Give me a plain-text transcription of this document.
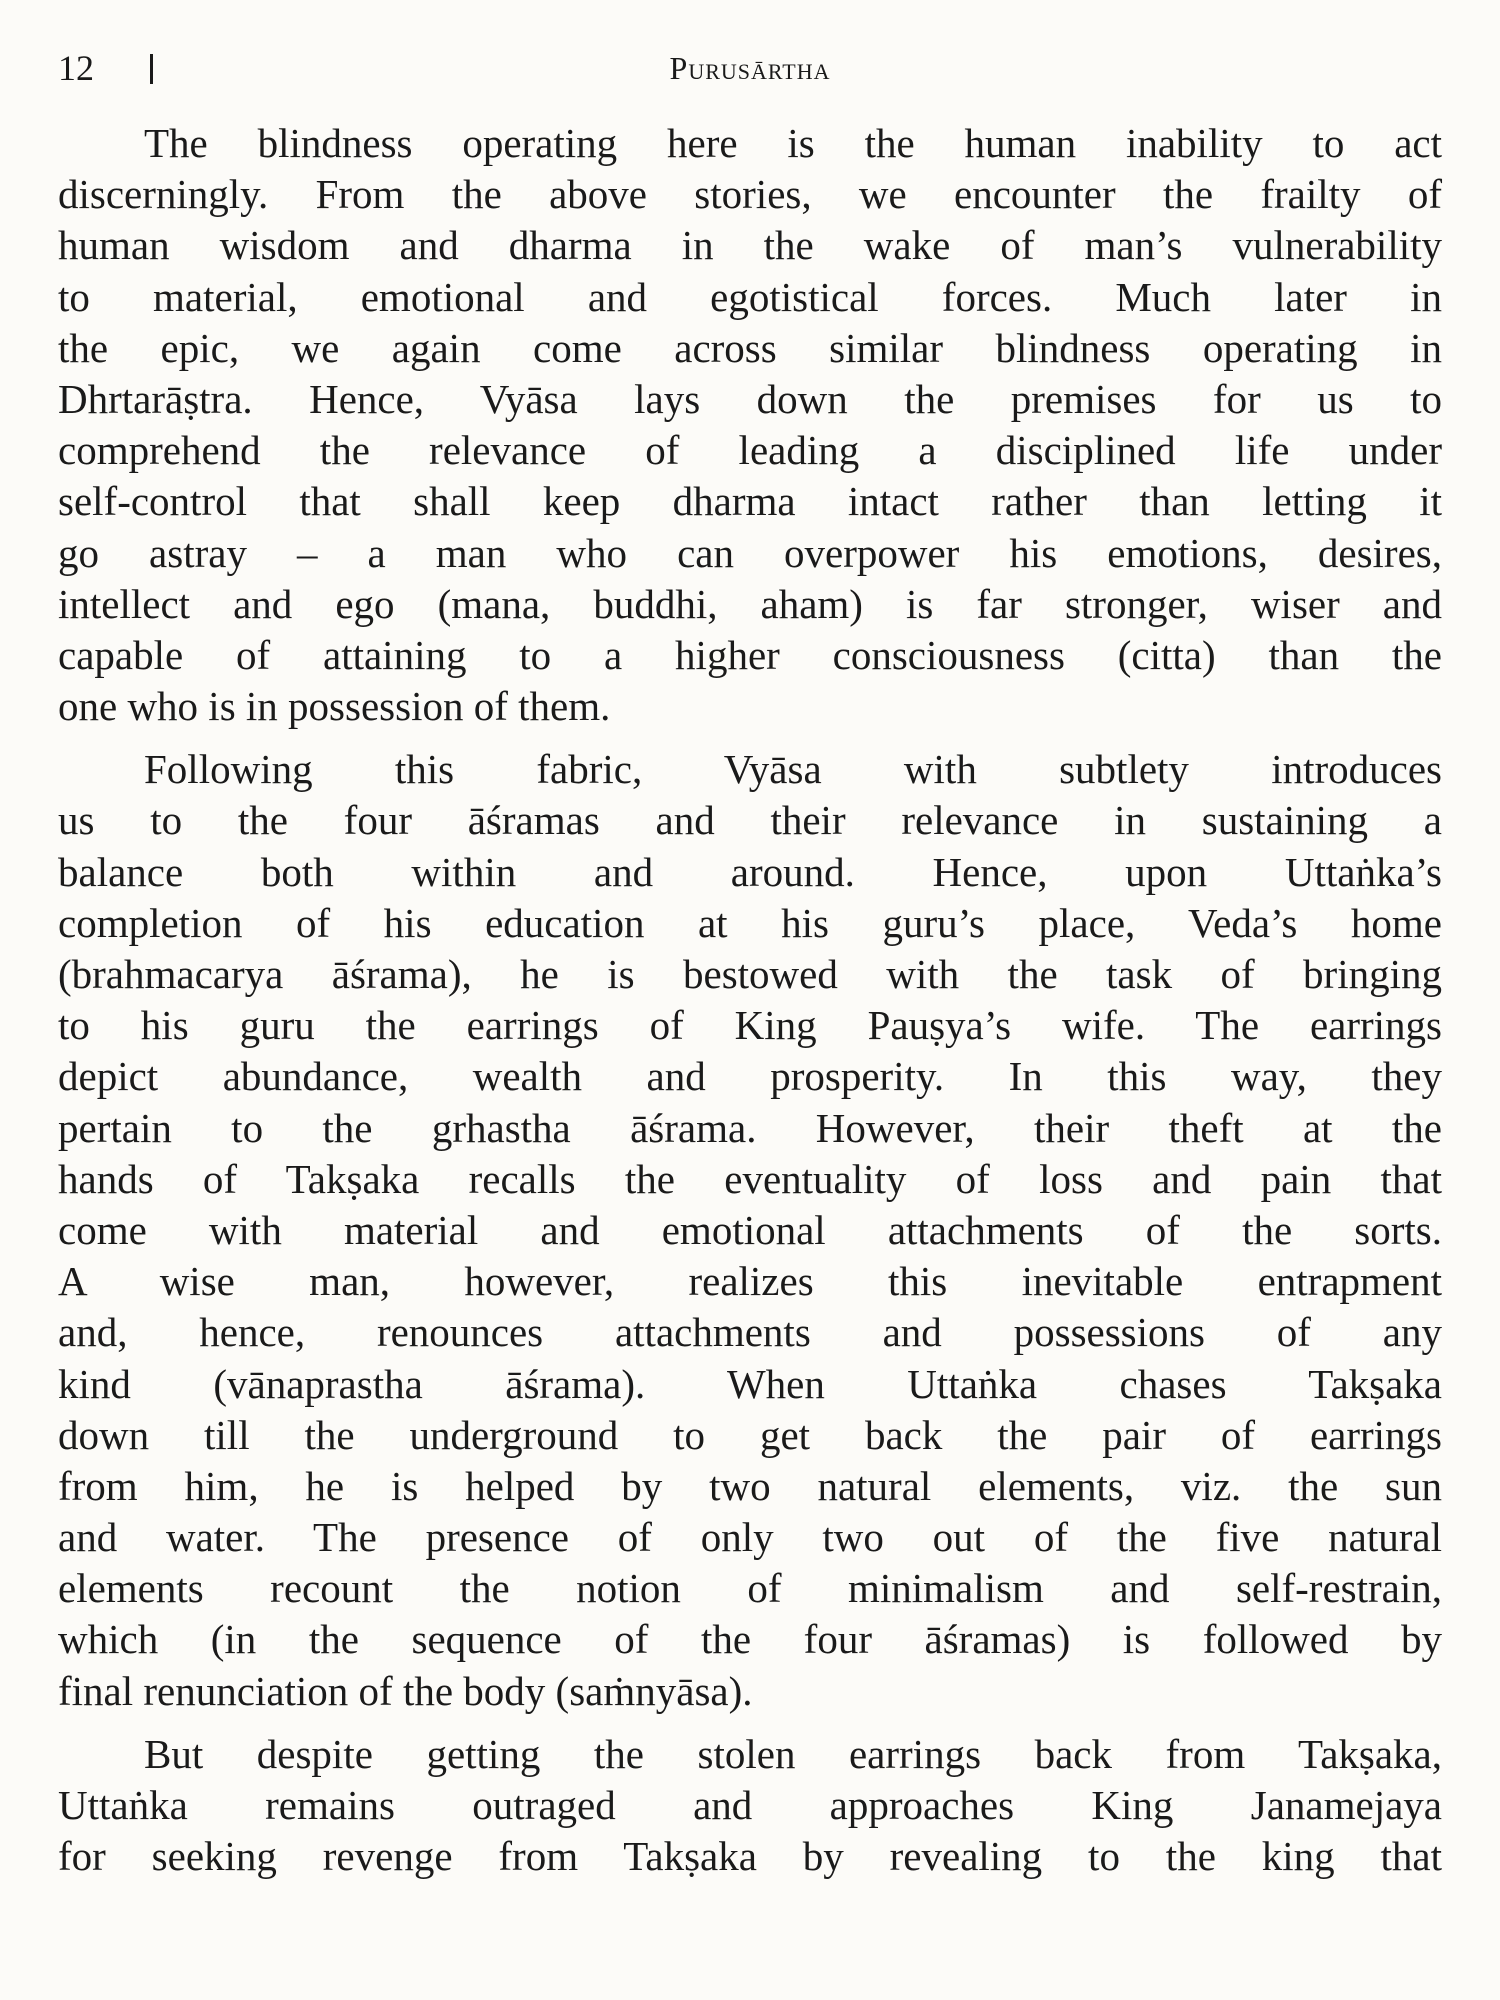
12	Purusārtha
The blindness operating here is the human inability to act
discerningly. From the above stories, we encounter the frailty of
human wisdom and dharma in the wake of man’s vulnerability
to material, emotional and egotistical forces. Much later in
the epic, we again come across similar blindness operating in
Dhrtarāṣtra. Hence, Vyāsa lays down the premises for us to
comprehend the relevance of leading a disciplined life under
self-control that shall keep dharma intact rather than letting it
go astray – a man who can overpower his emotions, desires,
intellect and ego (mana, buddhi, aham) is far stronger, wiser and
capable of attaining to a higher consciousness (citta) than the
one who is in possession of them.
Following this fabric, Vyāsa with subtlety introduces
us to the four āśramas and their relevance in sustaining a
balance both within and around. Hence, upon Uttaṅka’s
completion of his education at his guru’s place, Veda’s home
(brahmacarya āśrama), he is bestowed with the task of bringing
to his guru the earrings of King Pauṣya’s wife. The earrings
depict abundance, wealth and prosperity. In this way, they
pertain to the grhastha āśrama. However, their theft at the
hands of Takṣaka recalls the eventuality of loss and pain that
come with material and emotional attachments of the sorts.
A wise man, however, realizes this inevitable entrapment
and, hence, renounces attachments and possessions of any
kind (vānaprastha āśrama). When Uttaṅka chases Takṣaka
down till the underground to get back the pair of earrings
from him, he is helped by two natural elements, viz. the sun
and water. The presence of only two out of the five natural
elements recount the notion of minimalism and self-restrain,
which (in the sequence of the four āśramas) is followed by
final renunciation of the body (saṁnyāsa).
But despite getting the stolen earrings back from Takṣaka,
Uttaṅka remains outraged and approaches King Janamejaya
for seeking revenge from Takṣaka by revealing to the king that
